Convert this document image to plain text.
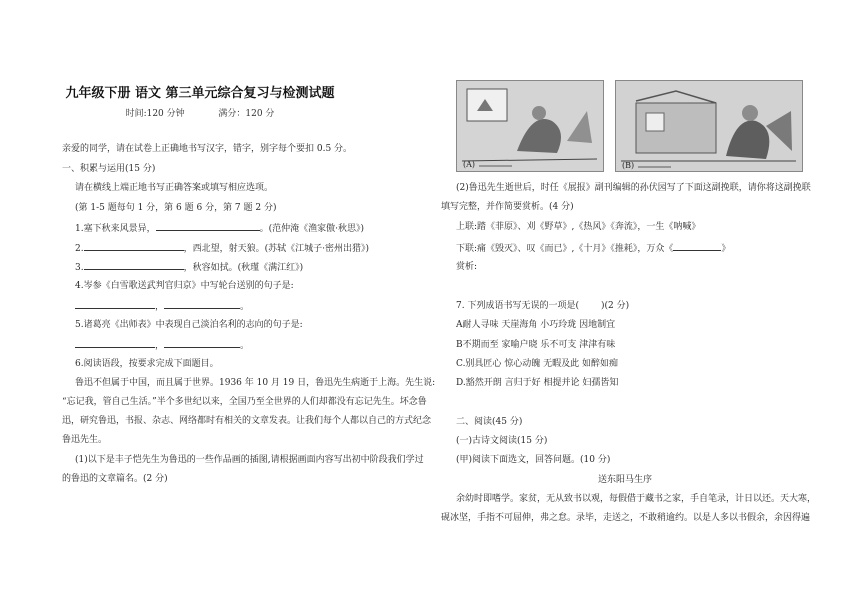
九年级下册 语文 第三单元综合复习与检测试题
时间:120 分钟	满分：120 分
亲爱的同学，请在试卷上正确地书写汉字，错字，别字每个要扣 0.5 分。
一、积累与运用(15 分)
请在横线上端正地书写正确答案或填写相应选项。
(第 1-5 题每句 1 分，第 6 题 6 分，第 7 题 2 分)
1.塞下秋来风景异，	。(范仲淹《渔家傲·秋思》)
2.	，西北望，射天狼。(苏轼《江城子·密州出猎》)
3.	，秋容如拭。(秋瑾《满江红》)
4.岑参《白雪歌送武判官归京》中写轮台送别的句子是:
，	。
5.诸葛亮《出师表》中表现自己淡泊名利的志向的句子是:
，	。
6.阅读语段，按要求完成下面题目。
鲁迅不但属于中国，而且属于世界。1936 年 10 月 19 日，鲁迅先生病逝于上海。先生说:
“忘记我，管自己生活。”半个多世纪以来，全国乃至全世界的人们却都没有忘记先生。坏念鲁
迅，研究鲁迅，书报、杂志、网络都时有相关的文章发表。让我们每个人都以自己的方式纪念
鲁迅先生。
(1)以下是丰子恺先生为鲁迅的一些作品画的插图,请根据画面内容写出初中阶段我们学过
的鲁迅的文章篇名。(2 分)
(A)	(B)
(2)鲁迅先生逝世后，时任《展报》副刊编辑的孙伏园写了下面这副挽联，请你将这副挽联
填写完整，并作简要赏析。(4 分)
上联:踏《菲原》、刈《野草》,《热风》《奔流》，一生《呐喊》
下联:痛《毁灭》、叹《而已》,《十月》《推耗》，万众《	》
赏析:
7. 下列成语书写无误的一项是( )(2 分)
A耐人寻味 天崖海角 小巧玲珑 因地制宜
B不期而至 家喻户晓 乐不可支 津津有味
C.别具匠心 惊心动魄 无暇及此 如醉如痴
D.豁然开朗 言归于好 相提并论 妇孺皆知
二、阅读(45 分)
(一)古诗文阅读(15 分)
(甲)阅读下面选文，回答问题。(10 分)
送东阳马生序
余幼时即嗜学。家贫，无从致书以观，每假借于藏书之家，手自笔录，计日以还。天大寒，
砚冰坚，手指不可屈伸，弗之怠。录毕，走送之，不敢稍逾约。以是人多以书假余，余因得遍
